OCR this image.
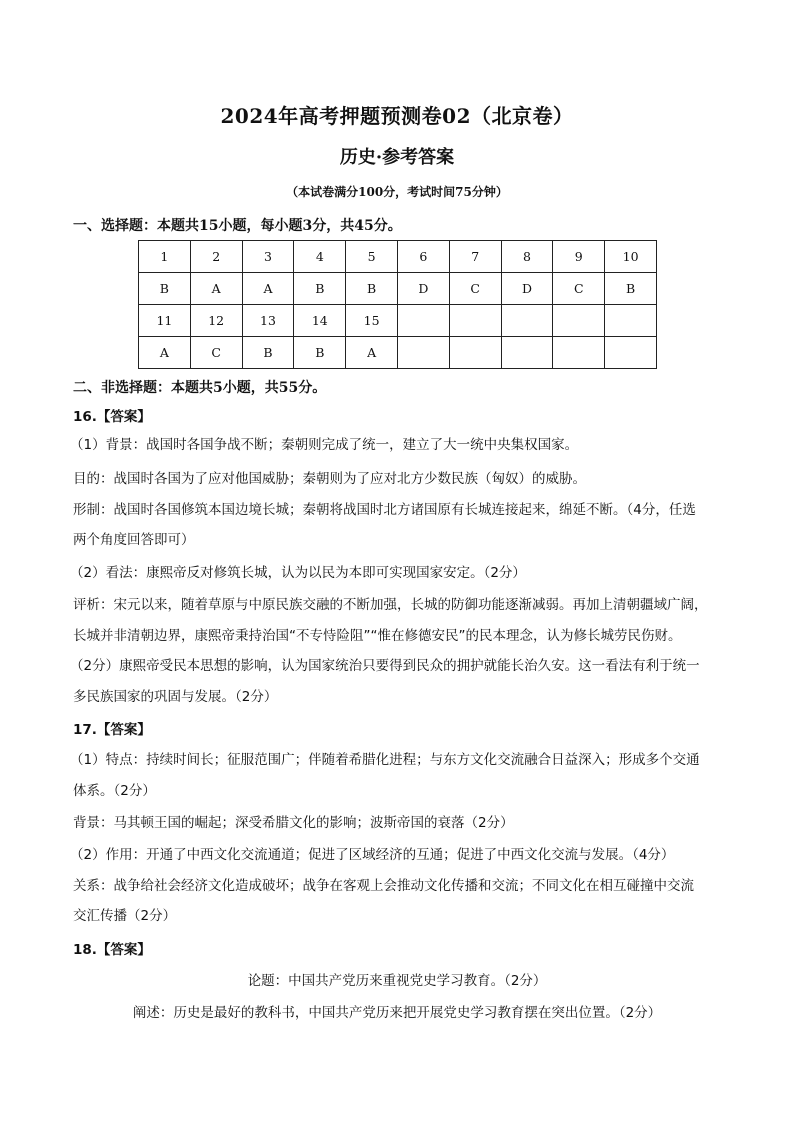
2024年高考押题预测卷02（北京卷）
历史·参考答案
（本试卷满分100分，考试时间75分钟）
一、选择题：本题共15小题，每小题3分，共45分。
1	2	3	4	5	6	7	8	9	10
B	A	A	B	B	D	C	D	C	B
11	12	13	14	15					
A	C	B	B	A					
二、非选择题：本题共5小题，共55分。
16.【答案】
（1）背景：战国时各国争战不断；秦朝则完成了统一，建立了大一统中央集权国家。
目的：战国时各国为了应对他国威胁；秦朝则为了应对北方少数民族（匈奴）的威胁。
形制：战国时各国修筑本国边境长城；秦朝将战国时北方诸国原有长城连接起来，绵延不断。（4分，任选
两个角度回答即可）
（2）看法：康熙帝反对修筑长城，认为以民为本即可实现国家安定。（2分）
评析：宋元以来，随着草原与中原民族交融的不断加强，长城的防御功能逐渐减弱。再加上清朝疆域广阔，
长城并非清朝边界，康熙帝秉持治国“不专恃险阻”“惟在修德安民”的民本理念，认为修长城劳民伤财。
（2分）康熙帝受民本思想的影响，认为国家统治只要得到民众的拥护就能长治久安。这一看法有利于统一
多民族国家的巩固与发展。（2分）
17.【答案】
（1）特点：持续时间长；征服范围广；伴随着希腊化进程；与东方文化交流融合日益深入；形成多个交通
体系。（2分）
背景：马其顿王国的崛起；深受希腊文化的影响；波斯帝国的衰落（2分）
（2）作用：开通了中西文化交流通道；促进了区域经济的互通；促进了中西文化交流与发展。（4分）
关系：战争给社会经济文化造成破坏；战争在客观上会推动文化传播和交流；不同文化在相互碰撞中交流
交汇传播（2分）
18.【答案】
论题：中国共产党历来重视党史学习教育。（2分）
阐述：历史是最好的教科书，中国共产党历来把开展党史学习教育摆在突出位置。（2分）
